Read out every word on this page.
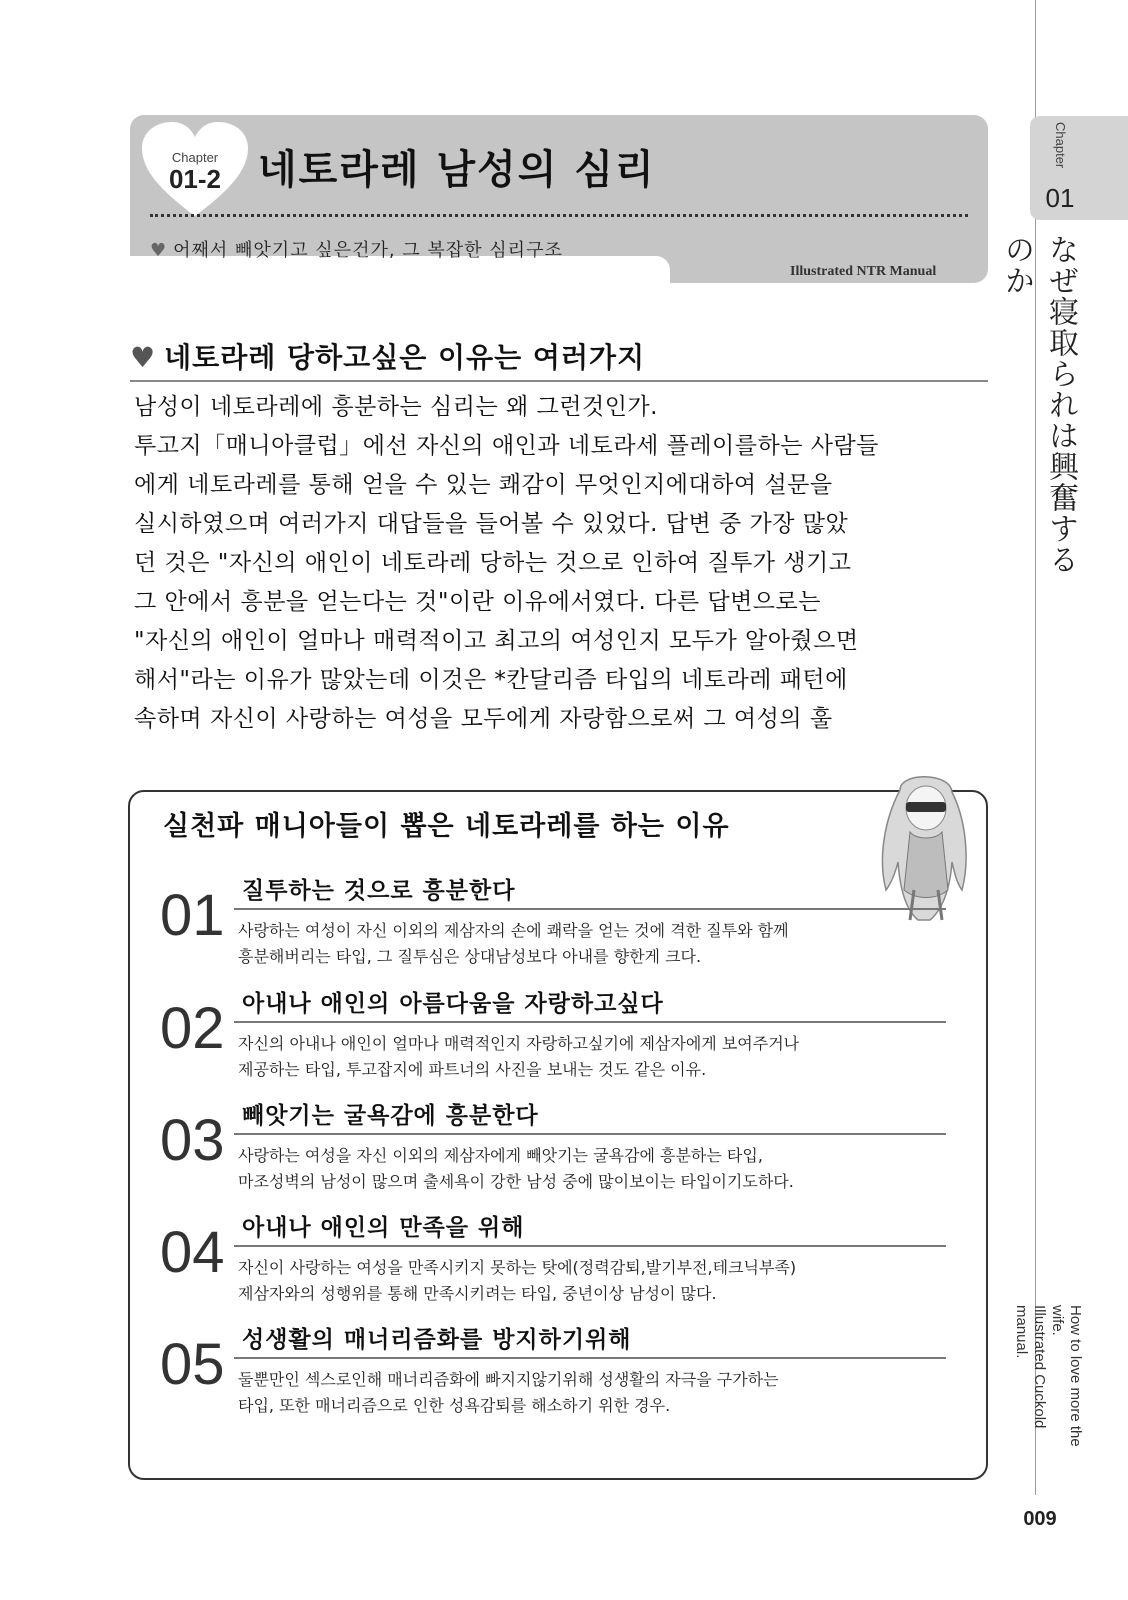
Chapter
01
なぜ寝取られは興奮するのか
How to love more the wife.
Illustrated Cuckold manual.
009
Chapter
01-2 네토라레 남성의 심리
♥ 어째서 빼앗기고 싶은건가, 그 복잡한 심리구조
Illustrated NTR Manual
♥ 네토라레 당하고싶은 이유는 여러가지
남성이 네토라레에 흥분하는 심리는 왜 그런것인가.
투고지「매니아클럽」에선 자신의 애인과 네토라세 플레이를하는 사람들
에게 네토라레를 통해 얻을 수 있는 쾌감이 무엇인지에대하여 설문을
실시하였으며 여러가지 대답들을 들어볼 수 있었다. 답변 중 가장 많았
던 것은 "자신의 애인이 네토라레 당하는 것으로 인하여 질투가 생기고
그 안에서 흥분을 얻는다는 것"이란 이유에서였다. 다른 답변으로는
"자신의 애인이 얼마나 매력적이고 최고의 여성인지 모두가 알아줬으면
해서"라는 이유가 많았는데 이것은 *칸달리즘 타입의 네토라레 패턴에
속하며 자신이 사랑하는 여성을 모두에게 자랑함으로써 그 여성의 훌
실천파 매니아들이 뽑은 네토라레를 하는 이유
01 질투하는 것으로 흥분한다
사랑하는 여성이 자신 이외의 제삼자의 손에 쾌락을 얻는 것에 격한 질투와 함께
흥분해버리는 타입, 그 질투심은 상대남성보다 아내를 향한게 크다.
02 아내나 애인의 아름다움을 자랑하고싶다
자신의 아내나 애인이 얼마나 매력적인지 자랑하고싶기에 제삼자에게 보여주거나
제공하는 타입, 투고잡지에 파트너의 사진을 보내는 것도 같은 이유.
03 빼앗기는 굴욕감에 흥분한다
사랑하는 여성을 자신 이외의 제삼자에게 빼앗기는 굴욕감에 흥분하는 타입,
마조성벽의 남성이 많으며 출세욕이 강한 남성 중에 많이보이는 타입이기도하다.
04 아내나 애인의 만족을 위해
자신이 사랑하는 여성을 만족시키지 못하는 탓에(정력감퇴,발기부전,테크닉부족)
제삼자와의 성행위를 통해 만족시키려는 타입, 중년이상 남성이 많다.
05 성생활의 매너리즘화를 방지하기위해
둘뿐만인 섹스로인해 매너리즘화에 빠지지않기위해 성생활의 자극을 구가하는
타입, 또한 매너리즘으로 인한 성욕감퇴를 해소하기 위한 경우.
